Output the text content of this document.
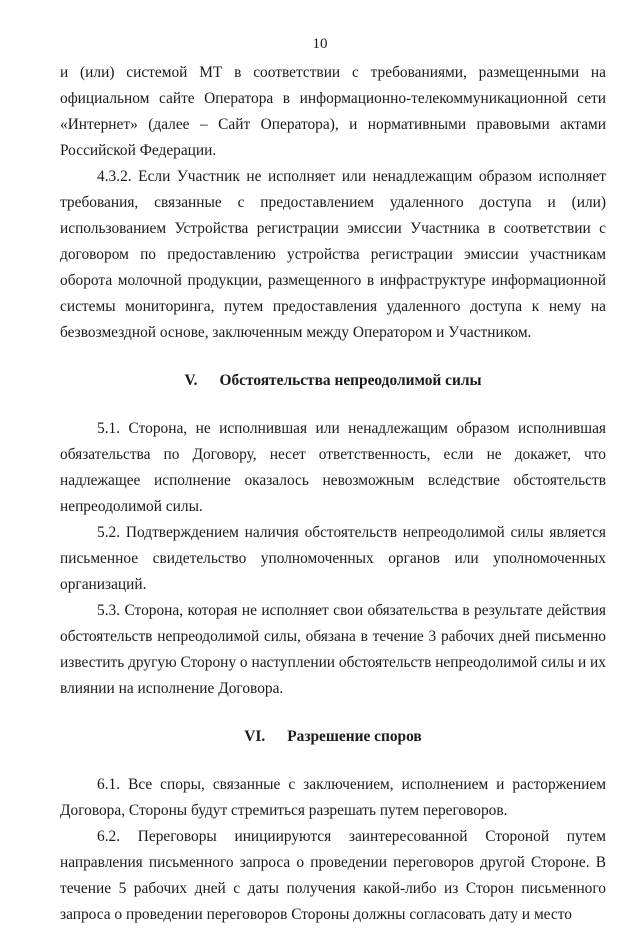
10

и (или) системой МТ в соответствии с требованиями, размещенными на официальном сайте Оператора в информационно-телекоммуникационной сети «Интернет» (далее – Сайт Оператора), и нормативными правовыми актами Российской Федерации.

4.3.2. Если Участник не исполняет или ненадлежащим образом исполняет требования, связанные с предоставлением удаленного доступа и (или) использованием Устройства регистрации эмиссии Участника в соответствии с договором по предоставлению устройства регистрации эмиссии участникам оборота молочной продукции, размещенного в инфраструктуре информационной системы мониторинга, путем предоставления удаленного доступа к нему на безвозмездной основе, заключенным между Оператором и Участником.

V. Обстоятельства непреодолимой силы

5.1. Сторона, не исполнившая или ненадлежащим образом исполнившая обязательства по Договору, несет ответственность, если не докажет, что надлежащее исполнение оказалось невозможным вследствие обстоятельств непреодолимой силы.

5.2. Подтверждением наличия обстоятельств непреодолимой силы является письменное свидетельство уполномоченных органов или уполномоченных организаций.

5.3. Сторона, которая не исполняет свои обязательства в результате действия обстоятельств непреодолимой силы, обязана в течение 3 рабочих дней письменно известить другую Сторону о наступлении обстоятельств непреодолимой силы и их влиянии на исполнение Договора.

VI. Разрешение споров

6.1. Все споры, связанные с заключением, исполнением и расторжением Договора, Стороны будут стремиться разрешать путем переговоров.

6.2. Переговоры инициируются заинтересованной Стороной путем направления письменного запроса о проведении переговоров другой Стороне. В течение 5 рабочих дней с даты получения какой-либо из Сторон письменного запроса о проведении переговоров Стороны должны согласовать дату и место
